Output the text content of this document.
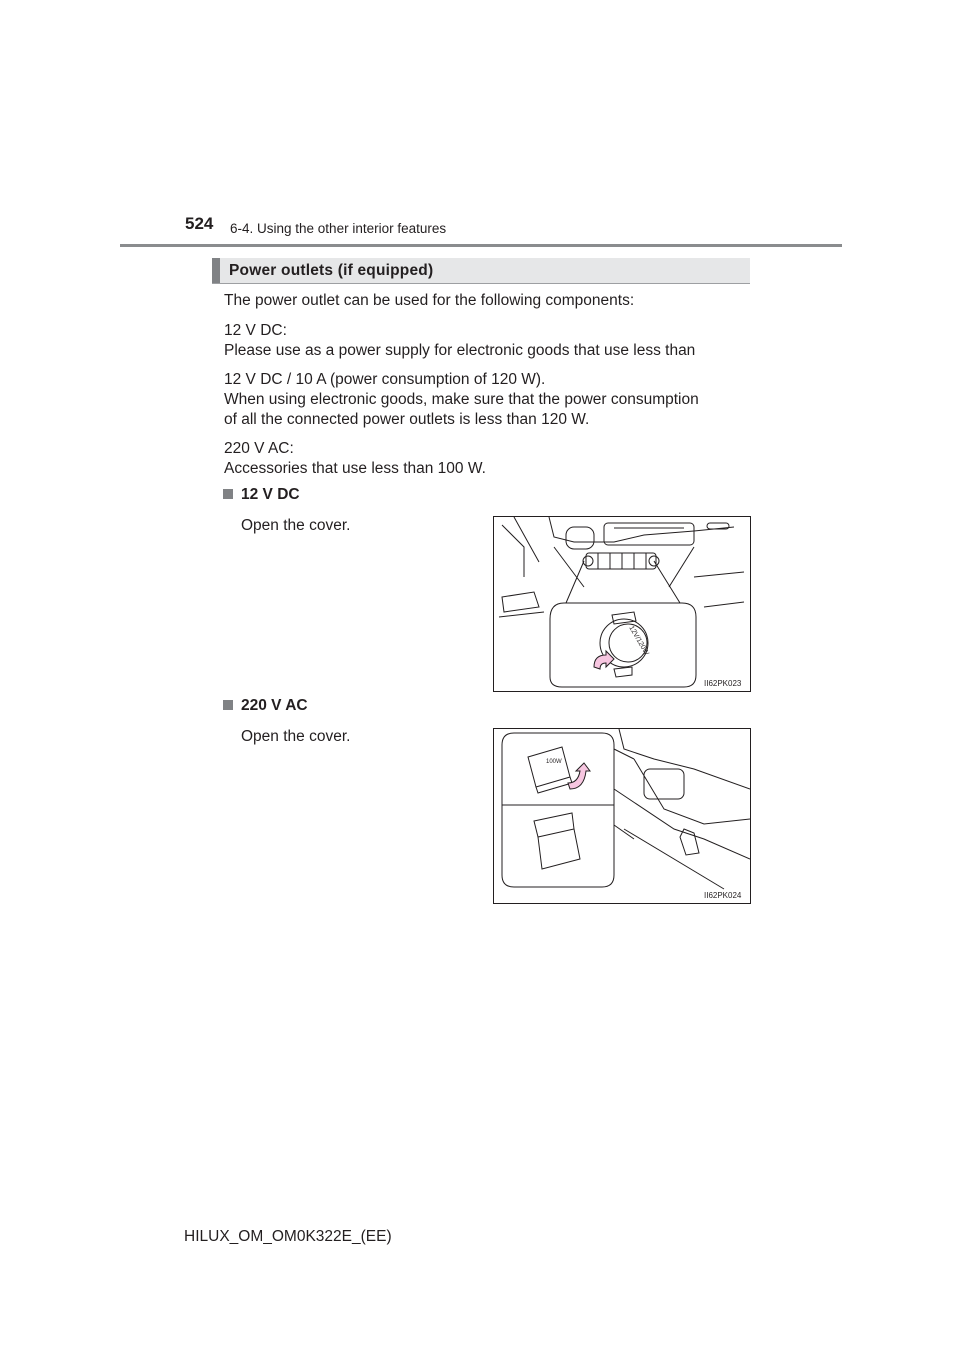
524 6-4. Using the other interior features
Power outlets (if equipped)
The power outlet can be used for the following components:
12 V DC:
Please use as a power supply for electronic goods that use less than
12 V DC / 10 A (power consumption of 120 W).
When using electronic goods, make sure that the power consumption
of all the connected power outlets is less than 120 W.
220 V AC:
Accessories that use less than 100 W.
12 V DC
Open the cover.
12V/120W
II62PK023
220 V AC
Open the cover.
100W
II62PK024
HILUX_OM_OM0K322E_(EE)
